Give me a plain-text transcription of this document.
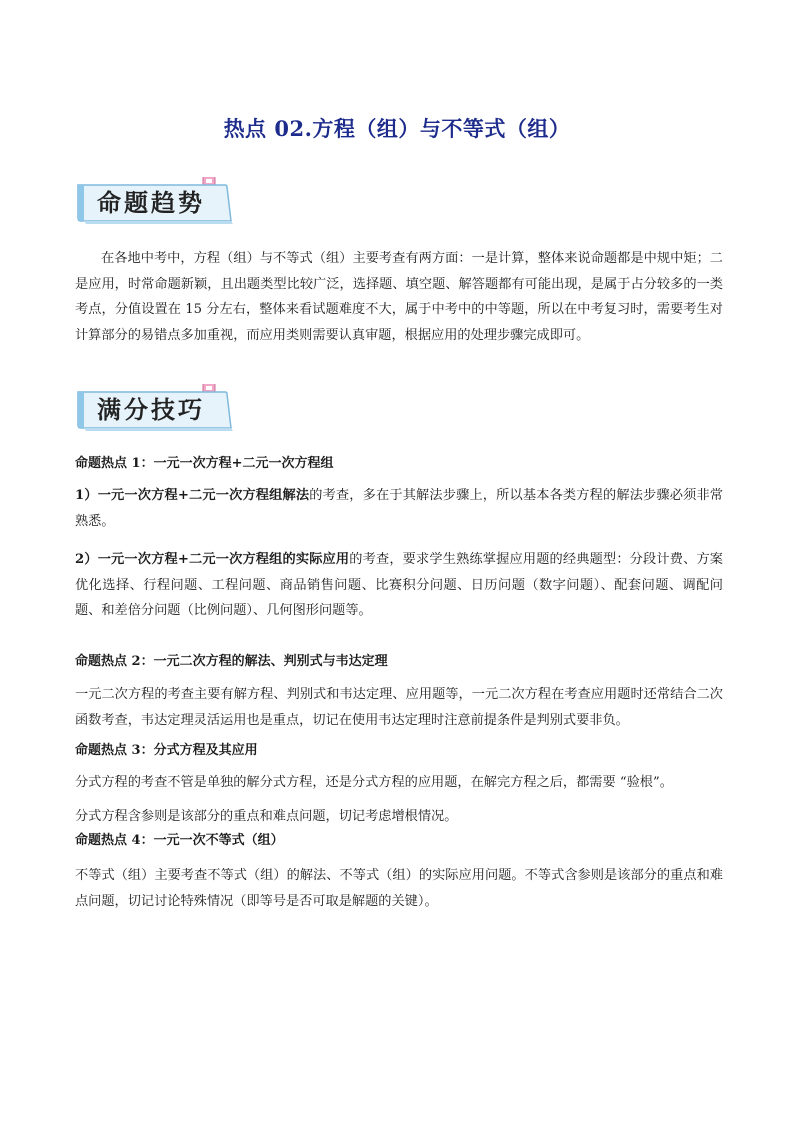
热点 02.方程（组）与不等式（组）
命题趋势
在各地中考中，方程（组）与不等式（组）主要考查有两方面：一是计算，整体来说命题都是中规中矩；二是应用，时常命题新颖，且出题类型比较广泛，选择题、填空题、解答题都有可能出现，是属于占分较多的一类考点，分值设置在 15 分左右，整体来看试题难度不大，属于中考中的中等题，所以在中考复习时，需要考生对计算部分的易错点多加重视，而应用类则需要认真审题，根据应用的处理步骤完成即可。
满分技巧
命题热点 1：一元一次方程+二元一次方程组
1）一元一次方程+二元一次方程组解法的考查，多在于其解法步骤上，所以基本各类方程的解法步骤必须非常熟悉。
2）一元一次方程+二元一次方程组的实际应用的考查，要求学生熟练掌握应用题的经典题型：分段计费、方案优化选择、行程问题、工程问题、商品销售问题、比赛积分问题、日历问题（数字问题）、配套问题、调配问题、和差倍分问题（比例问题）、几何图形问题等。
命题热点 2：一元二次方程的解法、判别式与韦达定理
一元二次方程的考查主要有解方程、判别式和韦达定理、应用题等，一元二次方程在考查应用题时还常结合二次函数考查，韦达定理灵活运用也是重点，切记在使用韦达定理时注意前提条件是判别式要非负。
命题热点 3：分式方程及其应用
分式方程的考查不管是单独的解分式方程，还是分式方程的应用题，在解完方程之后，都需要 “验根”。
分式方程含参则是该部分的重点和难点问题，切记考虑增根情况。
命题热点 4：一元一次不等式（组）
不等式（组）主要考查不等式（组）的解法、不等式（组）的实际应用问题。不等式含参则是该部分的重点和难点问题，切记讨论特殊情况（即等号是否可取是解题的关键）。
